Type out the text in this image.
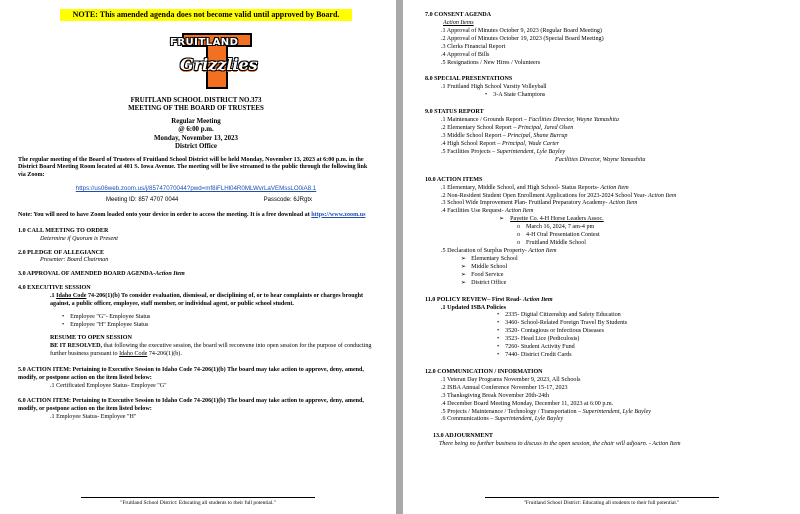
NOTE: This amended agenda does not become valid until approved by Board.
FRUITLAND
Grizzlies
FRUITLAND SCHOOL DISTRICT NO.373
MEETING OF THE BOARD OF TRUSTEES
Regular Meeting
@ 6:00 p.m.
Monday, November 13, 2023
District Office
The regular meeting of the Board of Trustees of Fruitland School District will be held Monday, November 13, 2023 at 6:00 p.m. in the District Board Meeting Room located at 401 S. Iowa Avenue. The meeting will be live streamed to the public through the following link via Zoom:
https://us06web.zoom.us/j/85747070044?pwd=mf8iFLHl04R0MLWvrLaVEMssLO0iA8.1
Meeting ID: 857 4707 0044	Passcode: 6JRgtx
Note: You will need to have Zoom loaded onto your device in order to access the meeting. It is a free download at https://www.zoom.us
1.0 CALL MEETING TO ORDER
Determine if Quorum is Present
2.0 PLEDGE OF ALLEGIANCE
Presenter: Board Chairman
3.0 APPROVAL OF AMENDED BOARD AGENDA-Action Item
4.0 EXECUTIVE SESSION
.1 Idaho Code 74-206(1)(b) To consider evaluation, dismissal, or disciplining of, or to hear complaints or charges brought against, a public officer, employee, staff member, or individual agent, or public school student.
• Employee "G"- Employee Status
• Employee "H" Employee Status
RESUME TO OPEN SESSION
BE IT RESOLVED, that following the executive session, the board will reconvene into open session for the purpose of conducting further business pursuant to Idaho Code 74-206(1)(b).
5.0 ACTION ITEM: Pertaining to Executive Session to Idaho Code 74-206(1)(b) The board may take action to approve, deny, amend, modify, or postpone action on the item listed below:
.1 Certificated Employee Status- Employee "G"
6.0 ACTION ITEM: Pertaining to Executive Session to Idaho Code 74-206(1)(b) The board may take action to approve, deny, amend, modify, or postpone action on the item listed below:
.1 Employee Status- Employee "H"
"Fruitland School District: Educating all students to their full potential."
7.0 CONSENT AGENDA
Action Items
.1 Approval of Minutes October 9, 2023 (Regular Board Meeting)
.2 Approval of Minutes October 19, 2023 (Special Board Meeting)
.3 Clerks Financial Report
.4 Approval of Bills
.5 Resignations / New Hires / Volunteers
8.0 SPECIAL PRESENTATIONS
.1 Fruitland High School Varsity Volleyball
• 3-A State Champions
9.0 STATUS REPORT
.1 Maintenance / Grounds Report – Facilities Director, Wayne Yamashita
.2 Elementary School Report – Principal, Jared Olsen
.3 Middle School Report – Principal, Shane Burrup
.4 High School Report – Principal, Wade Carter
.5 Facilities Projects – Superintendent, Lyle Bayley
Facilities Director, Wayne Yamashita
10.0 ACTION ITEMS
.1 Elementary, Middle School, and High School- Status Reports- Action Item
.2 Non-Resident Student Open Enrollment Applications for 2023-2024 School Year- Action Item
.3 School Wide Improvement Plan- Fruitland Preparatory Academy- Action Item
.4 Facilities Use Request- Action Item
➢ Payette Co. 4-H Horse Leaders Assoc.
o March 16, 2024, 7 am-4 pm
o 4-H Oral Presentation Contest
o Fruitland Middle School
.5 Declaration of Surplus Property- Action Item
➢ Elementary School
➢ Middle School
➢ Food Service
➢ District Office
11.0 POLICY REVIEW– First Read- Action Item
.1 Updated ISBA Policies
• 2335- Digital Citizenship and Safety Education
• 3460- School-Related Foreign Travel By Students
• 3520- Contagious or Infectious Diseases
• 3523- Head Lice (Pediculosis)
• 7260- Student Activity Fund
• 7440- District Credit Cards
12.0 COMMUNICATION / INFORMATION
.1 Veteran Day Programs November 9, 2023, All Schools
.2 ISBA Annual Conference November 15-17, 2023
.3 Thanksgiving Break November 20th-24th
.4 December Board Meeting Monday, December 11, 2023 at 6:00 p.m.
.5 Projects / Maintenance / Technology / Transportation – Superintendent, Lyle Bayley
.6 Communications – Superintendent, Lyle Bayley
13.0 ADJOURNMENT
There being no further business to discuss in the open session, the chair will adjourn. - Action Item
"Fruitland School District: Educating all students to their full potential."
